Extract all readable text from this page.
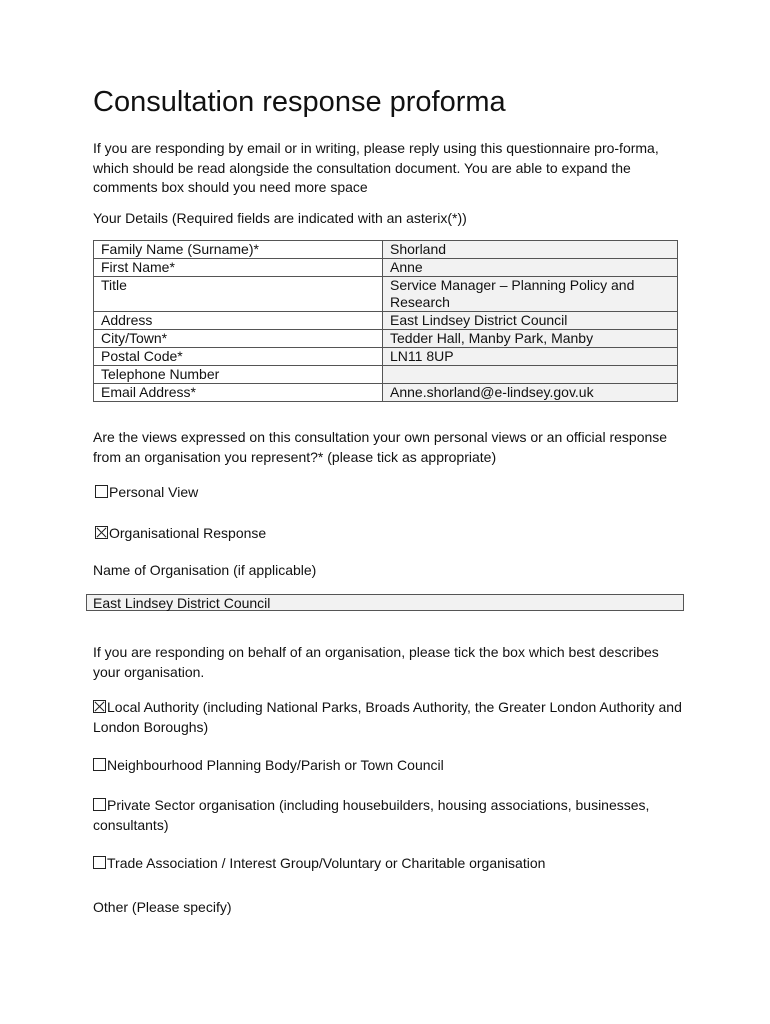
Consultation response proforma
If you are responding by email or in writing, please reply using this questionnaire pro-forma, which should be read alongside the consultation document. You are able to expand the comments box should you need more space
Your Details (Required fields are indicated with an asterix(*))
Family Name (Surname)*	Shorland
First Name*	Anne
Title	Service Manager – Planning Policy and Research
Address	East Lindsey District Council
City/Town*	Tedder Hall, Manby Park, Manby
Postal Code*	LN11 8UP
Telephone Number	
Email Address*	Anne.shorland@e-lindsey.gov.uk
Are the views expressed on this consultation your own personal views or an official response from an organisation you represent?* (please tick as appropriate)
Personal View
Organisational Response
Name of Organisation (if applicable)
East Lindsey District Council
If you are responding on behalf of an organisation, please tick the box which best describes your organisation.
Local Authority (including National Parks, Broads Authority, the Greater London Authority and London Boroughs)
Neighbourhood Planning Body/Parish or Town Council
Private Sector organisation (including housebuilders, housing associations, businesses, consultants)
Trade Association / Interest Group/Voluntary or Charitable organisation
Other (Please specify)
